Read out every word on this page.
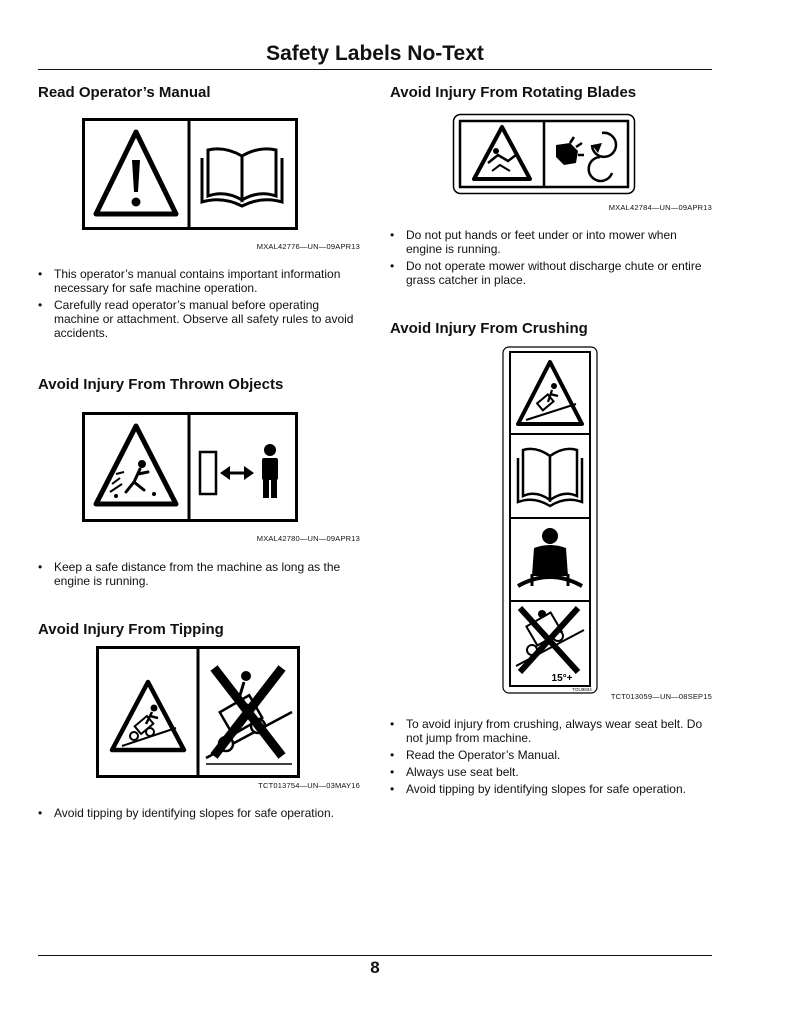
Safety Labels No-Text
Read Operator’s Manual
MXAL42776—UN—09APR13
• This operator’s manual contains important information necessary for safe machine operation.
• Carefully read operator’s manual before operating machine or attachment. Observe all safety rules to avoid accidents.
Avoid Injury From Thrown Objects
MXAL42780—UN—09APR13
• Keep a safe distance from the machine as long as the engine is running.
Avoid Injury From Tipping
TCT013754—UN—03MAY16
• Avoid tipping by identifying slopes for safe operation.
Avoid Injury From Rotating Blades
MXAL42784—UN—09APR13
• Do not put hands or feet under or into mower when engine is running.
• Do not operate mower without discharge chute or entire grass catcher in place.
Avoid Injury From Crushing
15°+
TOU9834
TCT013059—UN—08SEP15
• To avoid injury from crushing, always wear seat belt. Do not jump from machine.
• Read the Operator’s Manual.
• Always use seat belt.
• Avoid tipping by identifying slopes for safe operation.
8
